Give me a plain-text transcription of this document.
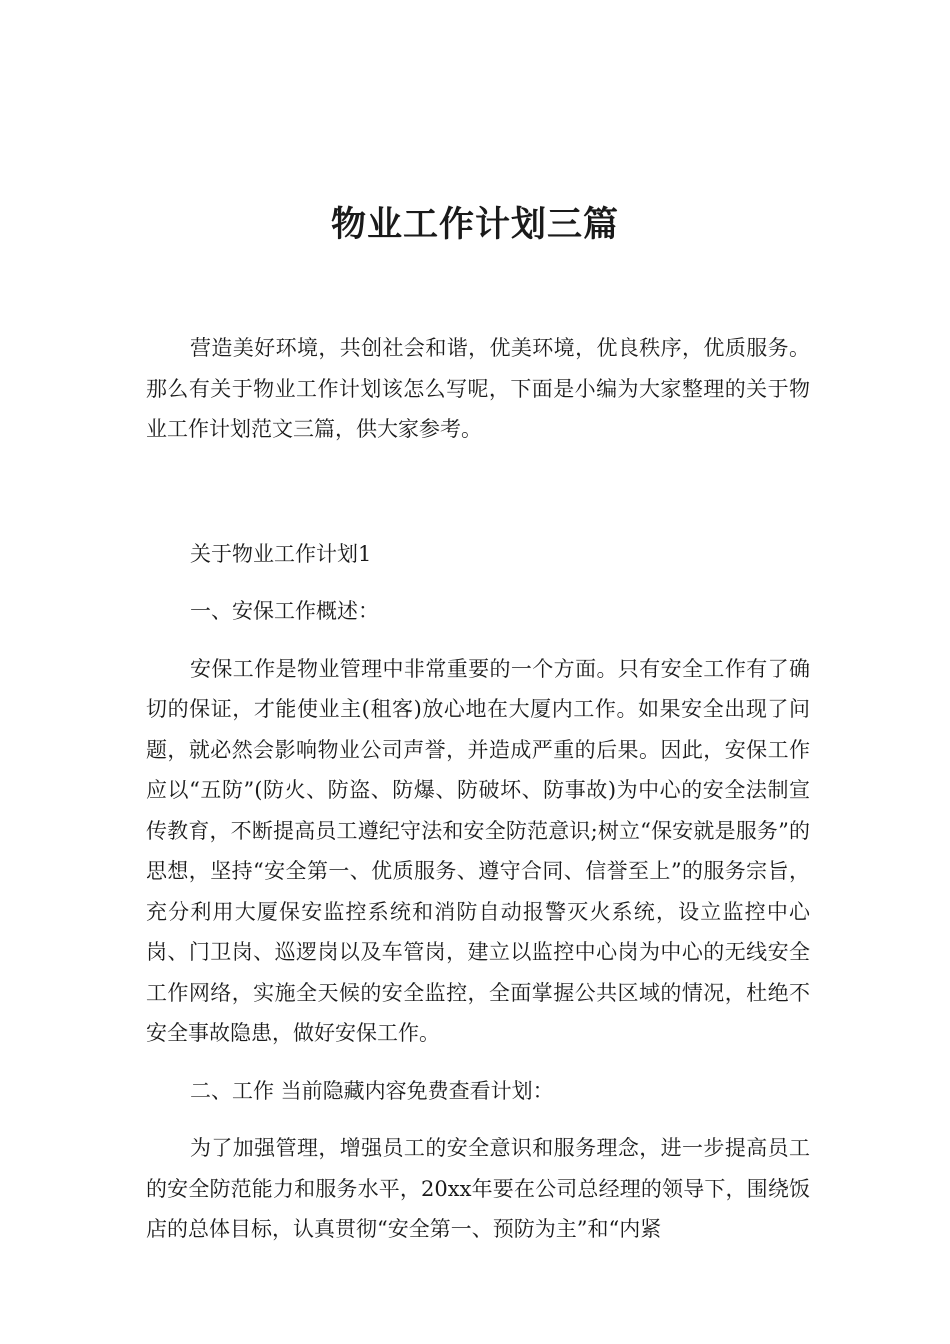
物业工作计划三篇

营造美好环境，共创社会和谐，优美环境，优良秩序，优质服务。那么有关于物业工作计划该怎么写呢，下面是小编为大家整理的关于物业工作计划范文三篇，供大家参考。

关于物业工作计划1

一、安保工作概述：

安保工作是物业管理中非常重要的一个方面。只有安全工作有了确切的保证，才能使业主(租客)放心地在大厦内工作。如果安全出现了问题，就必然会影响物业公司声誉，并造成严重的后果。因此，安保工作应以“五防”(防火、防盗、防爆、防破坏、防事故)为中心的安全法制宣传教育，不断提高员工遵纪守法和安全防范意识;树立“保安就是服务”的思想，坚持“安全第一、优质服务、遵守合同、信誉至上”的服务宗旨，充分利用大厦保安监控系统和消防自动报警灭火系统，设立监控中心岗、门卫岗、巡逻岗以及车管岗，建立以监控中心岗为中心的无线安全工作网络，实施全天候的安全监控，全面掌握公共区域的情况，杜绝不安全事故隐患，做好安保工作。

二、工作 当前隐藏内容免费查看计划：

为了加强管理，增强员工的安全意识和服务理念，进一步提高员工的安全防范能力和服务水平，20xx年要在公司总经理的领导下，围绕饭店的总体目标，认真贯彻“安全第一、预防为主”和“内紧
